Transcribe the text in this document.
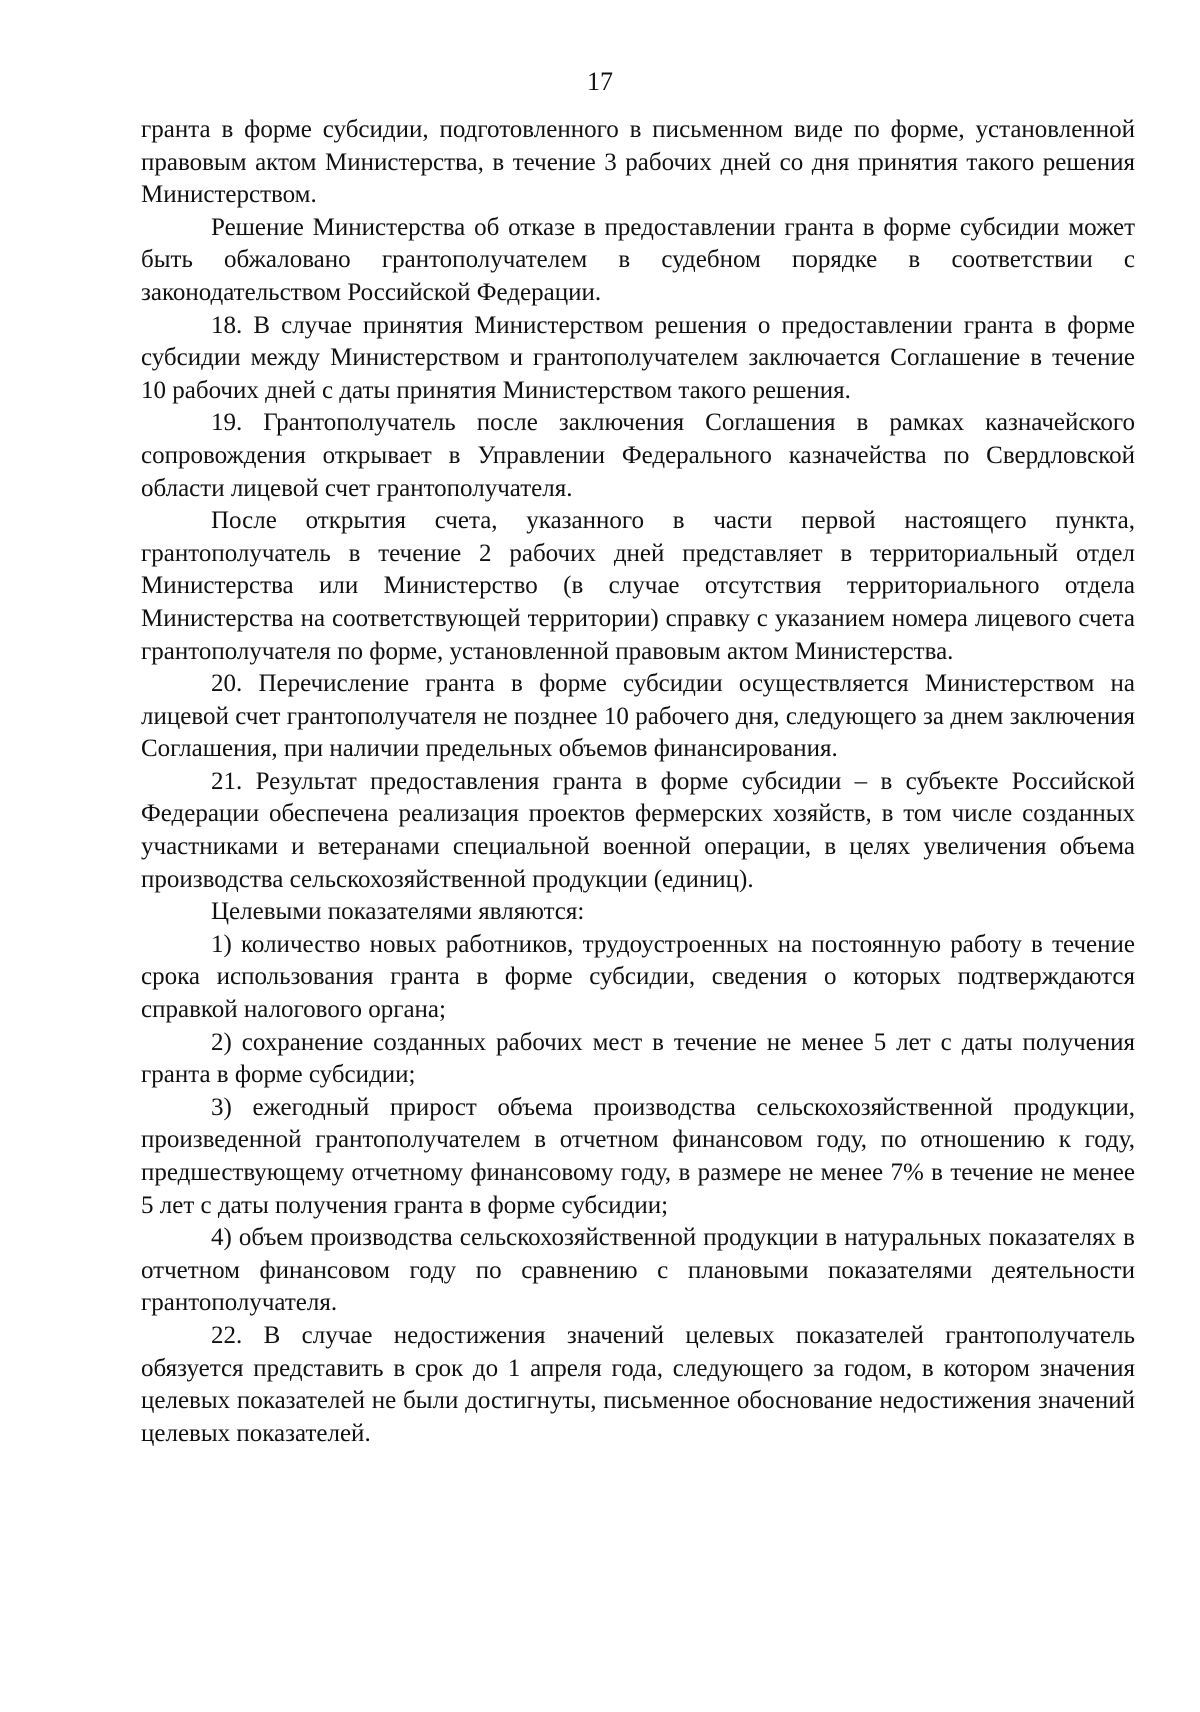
17

гранта в форме субсидии, подготовленного в письменном виде по форме, установленной правовым актом Министерства, в течение 3 рабочих дней со дня принятия такого решения Министерством.

Решение Министерства об отказе в предоставлении гранта в форме субсидии может быть обжаловано грантополучателем в судебном порядке в соответствии с законодательством Российской Федерации.

18. В случае принятия Министерством решения о предоставлении гранта в форме субсидии между Министерством и грантополучателем заключается Соглашение в течение 10 рабочих дней с даты принятия Министерством такого решения.

19. Грантополучатель после заключения Соглашения в рамках казначейского сопровождения открывает в Управлении Федерального казначейства по Свердловской области лицевой счет грантополучателя.

После открытия счета, указанного в части первой настоящего пункта, грантополучатель в течение 2 рабочих дней представляет в территориальный отдел Министерства или Министерство (в случае отсутствия территориального отдела Министерства на соответствующей территории) справку с указанием номера лицевого счета грантополучателя по форме, установленной правовым актом Министерства.

20. Перечисление гранта в форме субсидии осуществляется Министерством на лицевой счет грантополучателя не позднее 10 рабочего дня, следующего за днем заключения Соглашения, при наличии предельных объемов финансирования.

21. Результат предоставления гранта в форме субсидии – в субъекте Российской Федерации обеспечена реализация проектов фермерских хозяйств, в том числе созданных участниками и ветеранами специальной военной операции, в целях увеличения объема производства сельскохозяйственной продукции (единиц).

Целевыми показателями являются:

1) количество новых работников, трудоустроенных на постоянную работу в течение срока использования гранта в форме субсидии, сведения о которых подтверждаются справкой налогового органа;

2) сохранение созданных рабочих мест в течение не менее 5 лет с даты получения гранта в форме субсидии;

3) ежегодный прирост объема производства сельскохозяйственной продукции, произведенной грантополучателем в отчетном финансовом году, по отношению к году, предшествующему отчетному финансовому году, в размере не менее 7% в течение не менее 5 лет с даты получения гранта в форме субсидии;

4) объем производства сельскохозяйственной продукции в натуральных показателях в отчетном финансовом году по сравнению с плановыми показателями деятельности грантополучателя.

22. В случае недостижения значений целевых показателей грантополучатель обязуется представить в срок до 1 апреля года, следующего за годом, в котором значения целевых показателей не были достигнуты, письменное обоснование недостижения значений целевых показателей.
